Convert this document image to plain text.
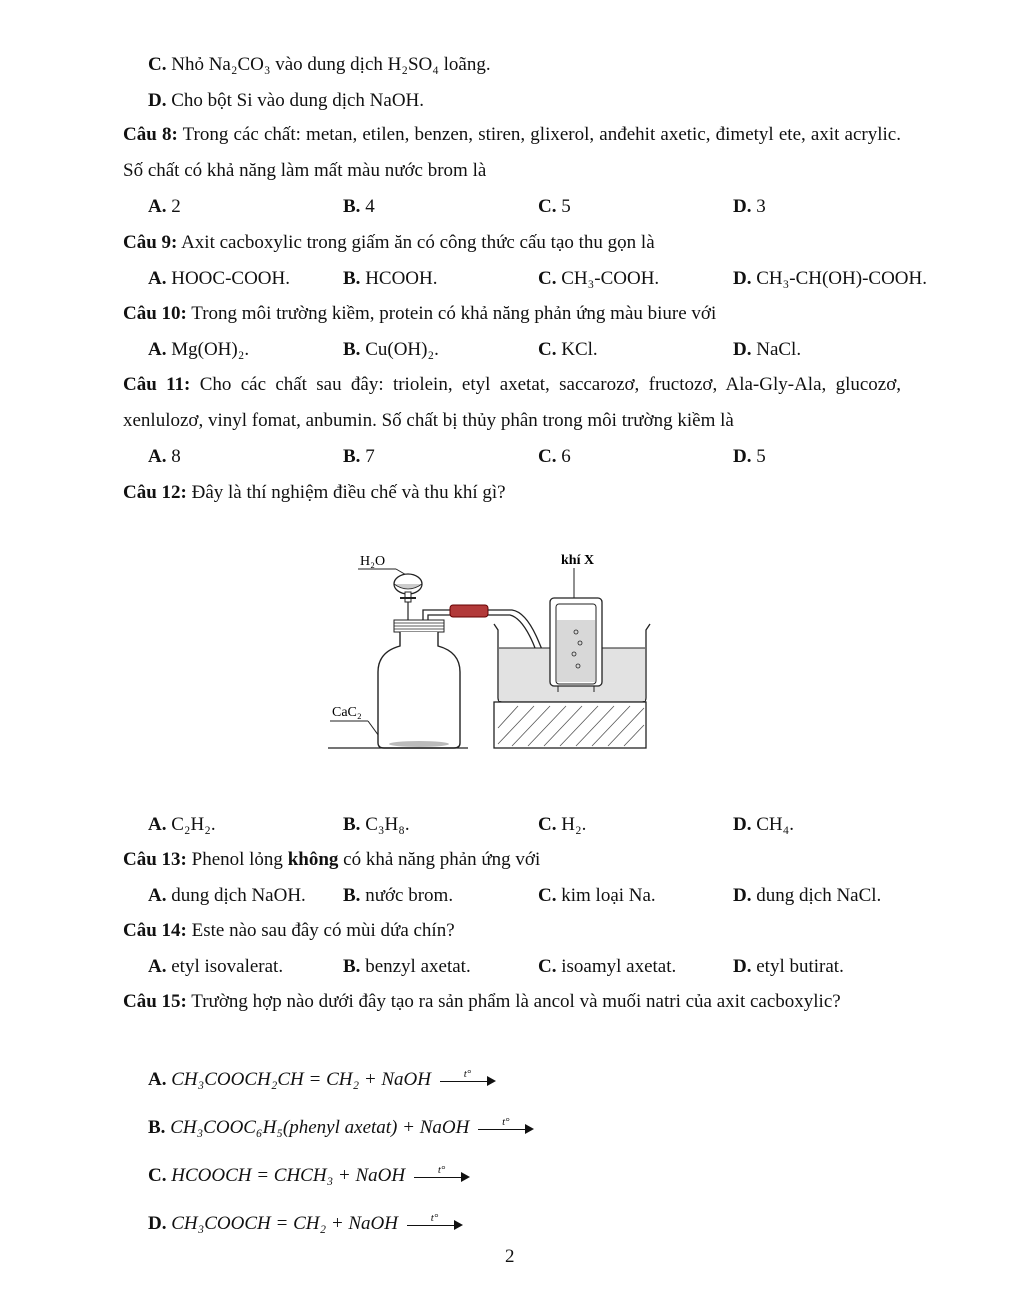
C. Nhỏ Na₂CO₃ vào dung dịch H₂SO₄ loãng.
D. Cho bột Si vào dung dịch NaOH.
Câu 8: Trong các chất: metan, etilen, benzen, stiren, glixerol, anđehit axetic, đimetyl ete, axit acrylic. Số chất có khả năng làm mất màu nước brom là
A. 2	B. 4	C. 5	D. 3
Câu 9: Axit cacboxylic trong giấm ăn có công thức cấu tạo thu gọn là
A. HOOC-COOH.	B. HCOOH.	C. CH₃-COOH.	D. CH₃-CH(OH)-COOH.
Câu 10: Trong môi trường kiềm, protein có khả năng phản ứng màu biure với
A. Mg(OH)₂.	B. Cu(OH)₂.	C. KCl.	D. NaCl.
Câu 11: Cho các chất sau đây: triolein, etyl axetat, saccarozơ, fructozơ, Ala-Gly-Ala, glucozơ, xenlulozơ, vinyl fomat, anbumin. Số chất bị thủy phân trong môi trường kiềm là
A. 8	B. 7	C. 6	D. 5
Câu 12: Đây là thí nghiệm điều chế và thu khí gì?
H₂O	khí X
CaC₂
A. C₂H₂.	B. C₃H₈.	C. H₂.	D. CH₄.
Câu 13: Phenol lỏng không có khả năng phản ứng với
A. dung dịch NaOH. B. nước brom.	C. kim loại Na.	D. dung dịch NaCl.
Câu 14: Este nào sau đây có mùi dứa chín?
A. etyl isovalerat.	B. benzyl axetat.	C. isoamyl axetat.	D. etyl butirat.
Câu 15: Trường hợp nào dưới đây tạo ra sản phẩm là ancol và muối natri của axit cacboxylic?
A. CH₃COOCH₂CH = CH₂ + NaOH	t°
B. CH₃COOC₆H₅(phenyl axetat) + NaOH	t°
C. HCOOCH = CHCH₃ + NaOH	t°
D. CH₃COOCH = CH₂ + NaOH	t°
2
